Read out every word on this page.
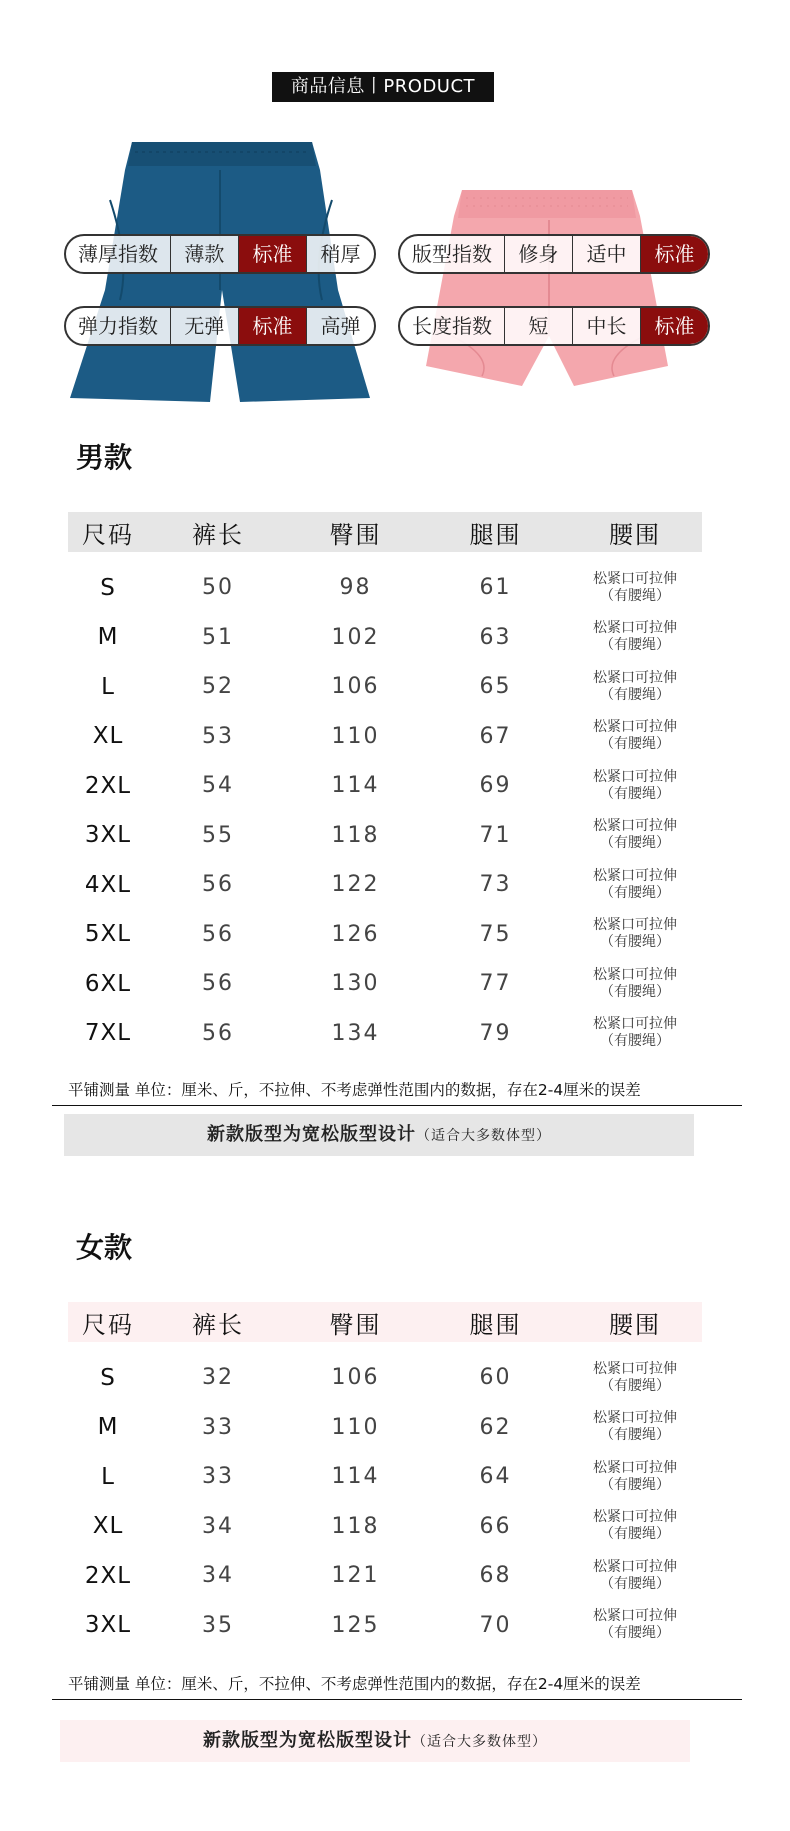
商品信息丨PRODUCT
薄厚指数	薄款	标准	稍厚
弹力指数	无弹	标准	高弹
版型指数	修身	适中	标准
长度指数	短	中长	标准
男款
尺码	裤长	臀围	腿围	腰围
S	50	98	61	松紧口可拉伸
（有腰绳）
M	51	102	63	松紧口可拉伸
（有腰绳）
L	52	106	65	松紧口可拉伸
（有腰绳）
XL	53	110	67	松紧口可拉伸
（有腰绳）
2XL	54	114	69	松紧口可拉伸
（有腰绳）
3XL	55	118	71	松紧口可拉伸
（有腰绳）
4XL	56	122	73	松紧口可拉伸
（有腰绳）
5XL	56	126	75	松紧口可拉伸
（有腰绳）
6XL	56	130	77	松紧口可拉伸
（有腰绳）
7XL	56	134	79	松紧口可拉伸
（有腰绳）
平铺测量 单位：厘米、斤，不拉伸、不考虑弹性范围内的数据，存在2-4厘米的误差
新款版型为宽松版型设计（适合大多数体型）
女款
尺码	裤长	臀围	腿围	腰围
S	32	106	60	松紧口可拉伸
（有腰绳）
M	33	110	62	松紧口可拉伸
（有腰绳）
L	33	114	64	松紧口可拉伸
（有腰绳）
XL	34	118	66	松紧口可拉伸
（有腰绳）
2XL	34	121	68	松紧口可拉伸
（有腰绳）
3XL	35	125	70	松紧口可拉伸
（有腰绳）
平铺测量 单位：厘米、斤，不拉伸、不考虑弹性范围内的数据，存在2-4厘米的误差
新款版型为宽松版型设计（适合大多数体型）
